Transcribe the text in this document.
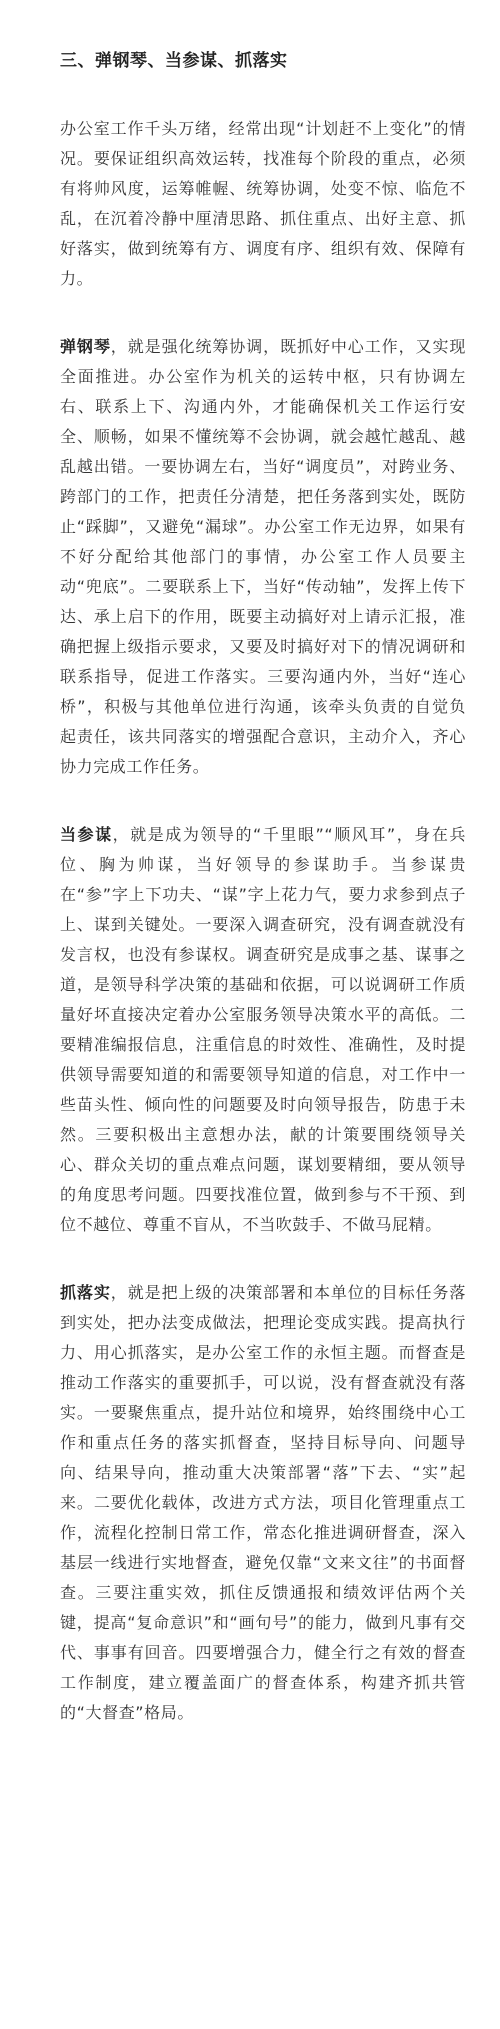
三、弹钢琴、当参谋、抓落实

办公室工作千头万绪，经常出现“计划赶不上变化”的情况。要保证组织高效运转，找准每个阶段的重点，必须有将帅风度，运筹帷幄、统筹协调，处变不惊、临危不乱，在沉着冷静中厘清思路、抓住重点、出好主意、抓好落实，做到统筹有方、调度有序、组织有效、保障有力。

弹钢琴，就是强化统筹协调，既抓好中心工作，又实现全面推进。办公室作为机关的运转中枢，只有协调左右、联系上下、沟通内外，才能确保机关工作运行安全、顺畅，如果不懂统筹不会协调，就会越忙越乱、越乱越出错。一要协调左右，当好“调度员”，对跨业务、跨部门的工作，把责任分清楚，把任务落到实处，既防止“踩脚”，又避免“漏球”。办公室工作无边界，如果有不好分配给其他部门的事情，办公室工作人员要主动“兜底”。二要联系上下，当好“传动轴”，发挥上传下达、承上启下的作用，既要主动搞好对上请示汇报，准确把握上级指示要求，又要及时搞好对下的情况调研和联系指导，促进工作落实。三要沟通内外，当好“连心桥”，积极与其他单位进行沟通，该牵头负责的自觉负起责任，该共同落实的增强配合意识，主动介入，齐心协力完成工作任务。

当参谋，就是成为领导的“千里眼”“顺风耳”，身在兵位、胸为帅谋，当好领导的参谋助手。当参谋贵在“参”字上下功夫、“谋”字上花力气，要力求参到点子上、谋到关键处。一要深入调查研究，没有调查就没有发言权，也没有参谋权。调查研究是成事之基、谋事之道，是领导科学决策的基础和依据，可以说调研工作质量好坏直接决定着办公室服务领导决策水平的高低。二要精准编报信息，注重信息的时效性、准确性，及时提供领导需要知道的和需要领导知道的信息，对工作中一些苗头性、倾向性的问题要及时向领导报告，防患于未然。三要积极出主意想办法，献的计策要围绕领导关心、群众关切的重点难点问题，谋划要精细，要从领导的角度思考问题。四要找准位置，做到参与不干预、到位不越位、尊重不盲从，不当吹鼓手、不做马屁精。

抓落实，就是把上级的决策部署和本单位的目标任务落到实处，把办法变成做法，把理论变成实践。提高执行力、用心抓落实，是办公室工作的永恒主题。而督查是推动工作落实的重要抓手，可以说，没有督查就没有落实。一要聚焦重点，提升站位和境界，始终围绕中心工作和重点任务的落实抓督查，坚持目标导向、问题导向、结果导向，推动重大决策部署“落”下去、“实”起来。二要优化载体，改进方式方法，项目化管理重点工作，流程化控制日常工作，常态化推进调研督查，深入基层一线进行实地督查，避免仅靠“文来文往”的书面督查。三要注重实效，抓住反馈通报和绩效评估两个关键，提高“复命意识”和“画句号”的能力，做到凡事有交代、事事有回音。四要增强合力，健全行之有效的督查工作制度，建立覆盖面广的督查体系，构建齐抓共管的“大督查”格局。
